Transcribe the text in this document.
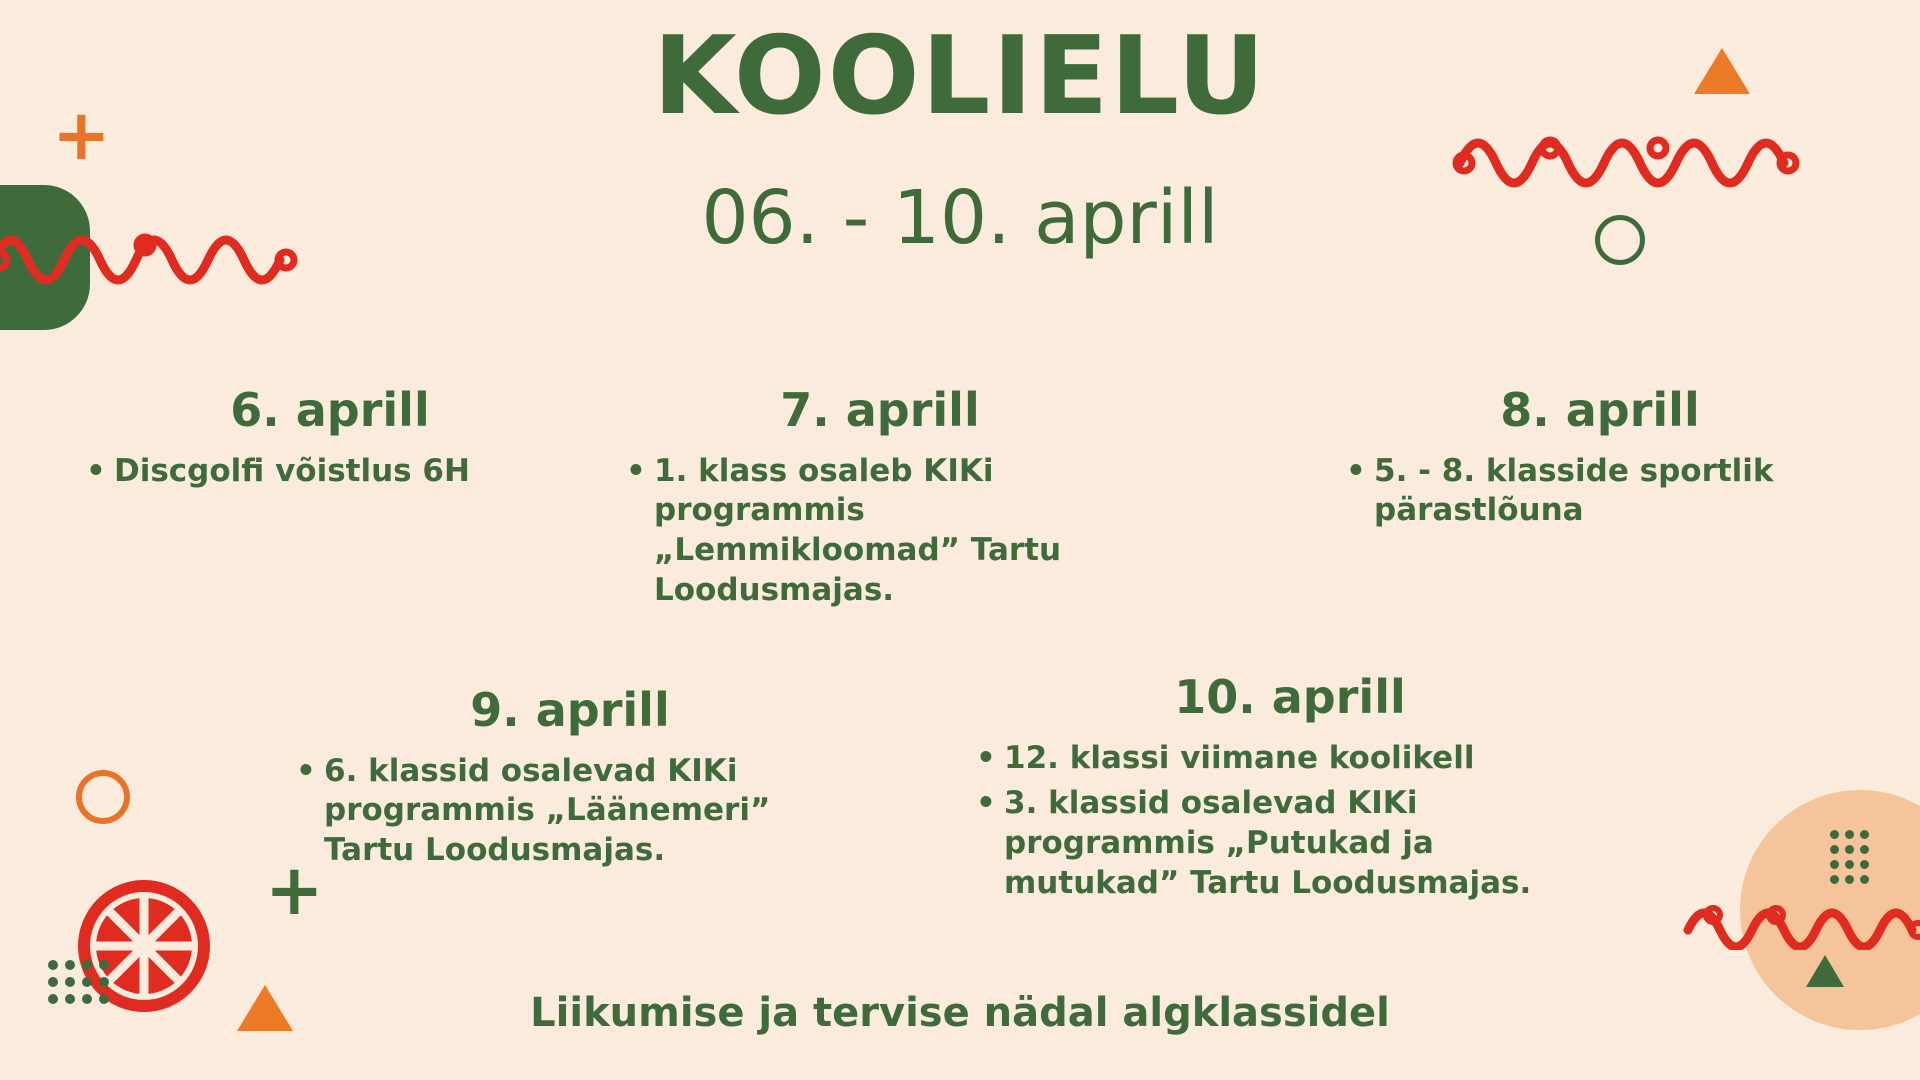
+
+
KOOLIELU
06. - 10. aprill
6. aprill
• Discgolfi võistlus 6H
7. aprill
• 1. klass osaleb KIKi programmis „Lemmikloomad” Tartu Loodusmajas.
8. aprill
• 5. - 8. klasside sportlik pärastlõuna
9. aprill
• 6. klassid osalevad KIKi programmis „Läänemeri” Tartu Loodusmajas.
10. aprill
• 12. klassi viimane koolikell
• 3. klassid osalevad KIKi programmis „Putukad ja mutukad” Tartu Loodusmajas.
Liikumise ja tervise nädal algklassidel
